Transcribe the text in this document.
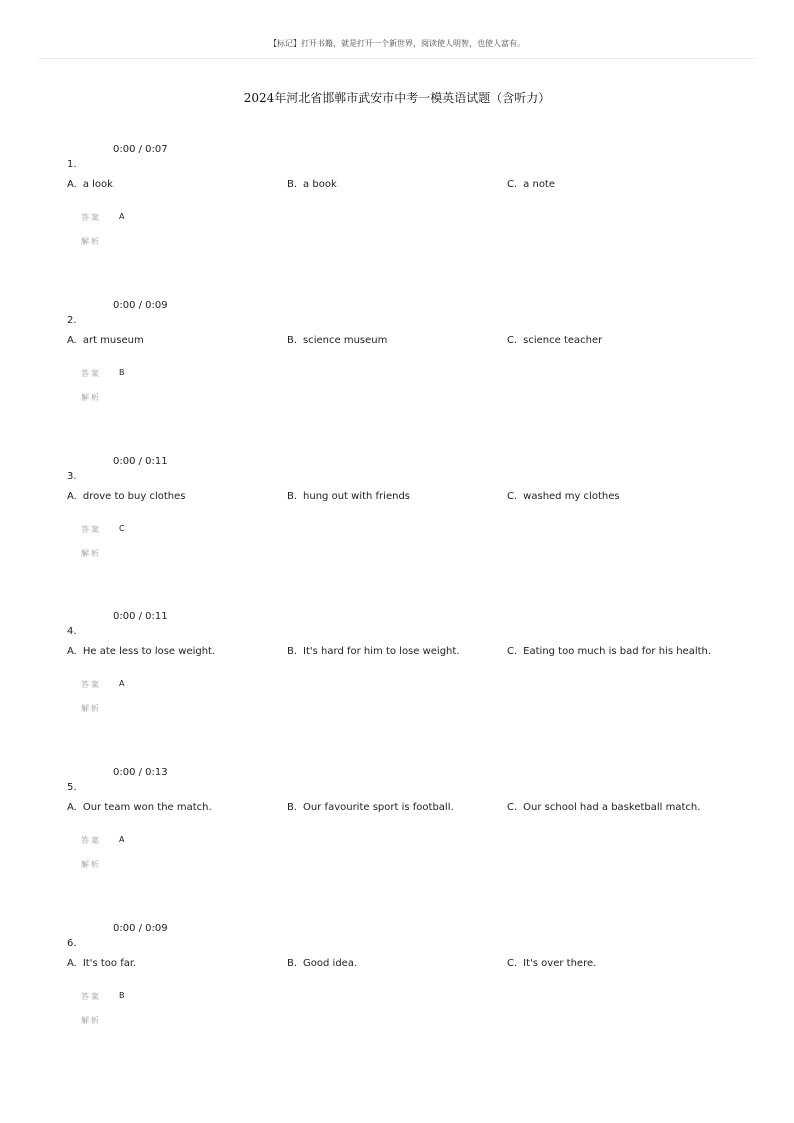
【标记】打开书籍，就是打开一个新世界，阅读使人明智，也使人富有。
2024年河北省邯郸市武安市中考一模英语试题（含听力）
0:00 / 0:07
1.
A. a look	B. a book	C. a note
答案 A
解析
0:00 / 0:09
2.
A. art museum	B. science museum	C. science teacher
答案 B
解析
0:00 / 0:11
3.
A. drove to buy clothes	B. hung out with friends	C. washed my clothes
答案 C
解析
0:00 / 0:11
4.
A. He ate less to lose weight.	B. It's hard for him to lose weight.	C. Eating too much is bad for his health.
答案 A
解析
0:00 / 0:13
5.
A. Our team won the match.	B. Our favourite sport is football.	C. Our school had a basketball match.
答案 A
解析
0:00 / 0:09
6.
A. It's too far.	B. Good idea.	C. It's over there.
答案 B
解析
